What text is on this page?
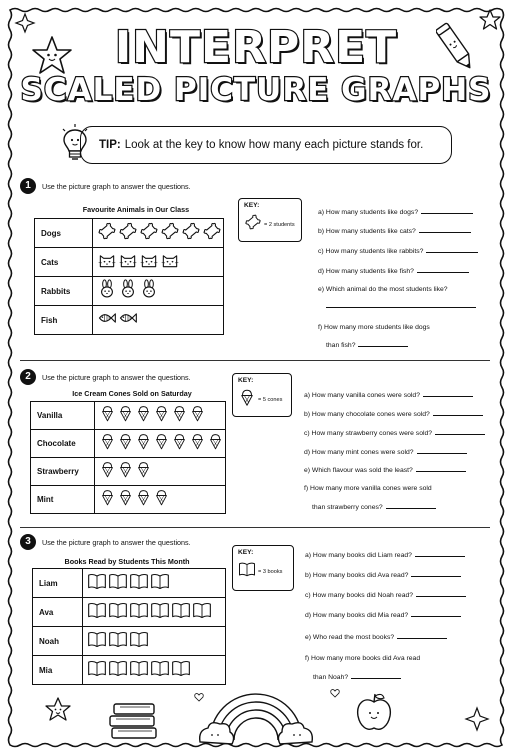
INTERPRET
SCALED PICTURE GRAPHS
TIP: Look at the key to know how many each picture stands for.
1	Use the picture graph to answer the questions.
Favourite Animals in Our Class
Dogs	
Cats	
Rabbits	
Fish	
KEY:
= 2 students
a) How many students like dogs?
b) How many students like cats?
c) How many students like rabbits?
d) How many students like fish?
e) Which animal do the most students like?
f) How many more students like dogs
than fish?
2	Use the picture graph to answer the questions.
Ice Cream Cones Sold on Saturday
Vanilla	
Chocolate	
Strawberry	
Mint	
KEY:
= 5 cones
a) How many vanilla cones were sold?
b) How many chocolate cones were sold?
c) How many strawberry cones were sold?
d) How many mint cones were sold?
e) Which flavour was sold the least?
f) How many more vanilla cones were sold
than strawberry cones?
3	Use the picture graph to answer the questions.
Books Read by Students This Month
Liam	
Ava	
Noah	
Mia	
KEY:
= 3 books
a) How many books did Liam read?
b) How many books did Ava read?
c) How many books did Noah read?
d) How many books did Mia read?
e) Who read the most books?
f) How many more books did Ava read
than Noah?
